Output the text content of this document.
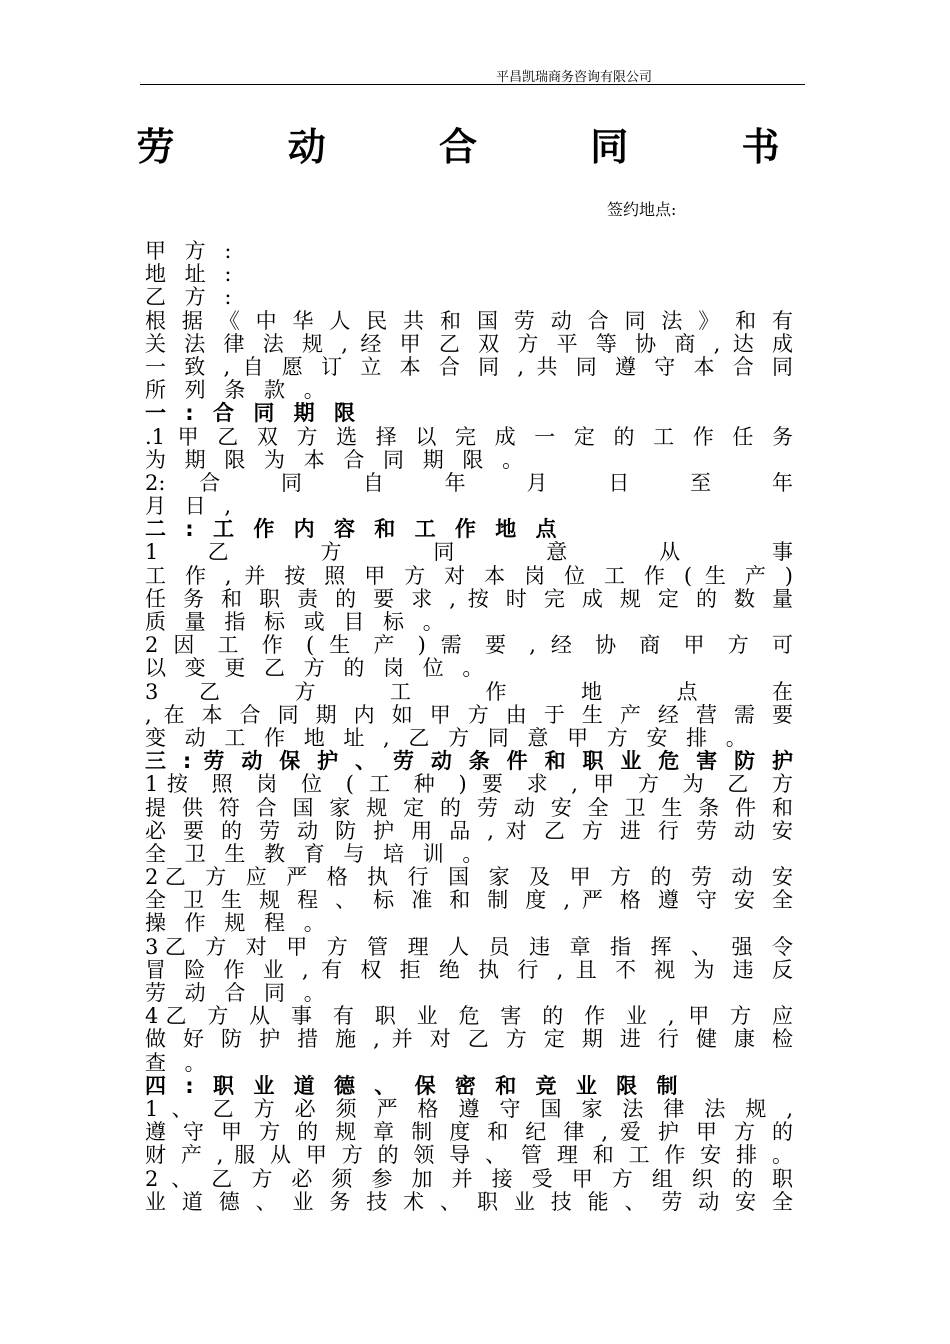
平昌凯瑞商务咨询有限公司
劳 动 合 同 书
签约地点:
甲 方 :
地 址 :
乙 方 :
根 据 《 中 华 人 民 共 和 国 劳 动 合 同 法 》 和 有
关 法 律 法 规 , 经 甲 乙 双 方 平 等 协 商 , 达 成
一 致 , 自 愿 订 立 本 合 同 , 共 同 遵 守 本 合 同
所 列 条 款 。
一 : 合 同 期 限
.1 甲 乙 双 方 选 择 以 完 成 一 定 的 工 作 任 务
为 期 限 为 本 合 同 期 限 。
2: 合 同 自 年 月 日 至 年
月 日 ,
二 : 工 作 内 容 和 工 作 地 点
1 乙 方 同 意 从 事
工 作 , 并 按 照 甲 方 对 本 岗 位 工 作 ( 生 产 )
任 务 和 职 责 的 要 求 , 按 时 完 成 规 定 的 数 量
质 量 指 标 或 目 标 。
2 因 工 作 ( 生 产 ) 需 要 , 经 协 商 甲 方 可
以 变 更 乙 方 的 岗 位 。
3 乙 方 工 作 地 点 在
, 在 本 合 同 期 内 如 甲 方 由 于 生 产 经 营 需 要
变 动 工 作 地 址 , 乙 方 同 意 甲 方 安 排 。
三 : 劳 动 保 护 、 劳 动 条 件 和 职 业 危 害 防 护
1按 照 岗 位 ( 工 种 ) 要 求 , 甲 方 为 乙 方
提 供 符 合 国 家 规 定 的 劳 动 安 全 卫 生 条 件 和
必 要 的 劳 动 防 护 用 品 , 对 乙 方 进 行 劳 动 安
全 卫 生 教 育 与 培 训 。
2乙 方 应 严 格 执 行 国 家 及 甲 方 的 劳 动 安
全 卫 生 规 程 、 标 准 和 制 度 , 严 格 遵 守 安 全
操 作 规 程 。
3乙 方 对 甲 方 管 理 人 员 违 章 指 挥 、 强 令
冒 险 作 业 , 有 权 拒 绝 执 行 , 且 不 视 为 违 反
劳 动 合 同 。
4乙 方 从 事 有 职 业 危 害 的 作 业 , 甲 方 应
做 好 防 护 措 施 , 并 对 乙 方 定 期 进 行 健 康 检
查 。
四 : 职 业 道 德 、 保 密 和 竞 业 限 制
1 、 乙 方 必 须 严 格 遵 守 国 家 法 律 法 规 ,
遵 守 甲 方 的 规 章 制 度 和 纪 律 , 爱 护 甲 方 的
财 产 , 服 从 甲 方 的 领 导 、 管 理 和 工 作 安 排 。
2 、 乙 方 必 须 参 加 并 接 受 甲 方 组 织 的 职
业 道 德 、 业 务 技 术 、 职 业 技 能 、 劳 动 安 全
